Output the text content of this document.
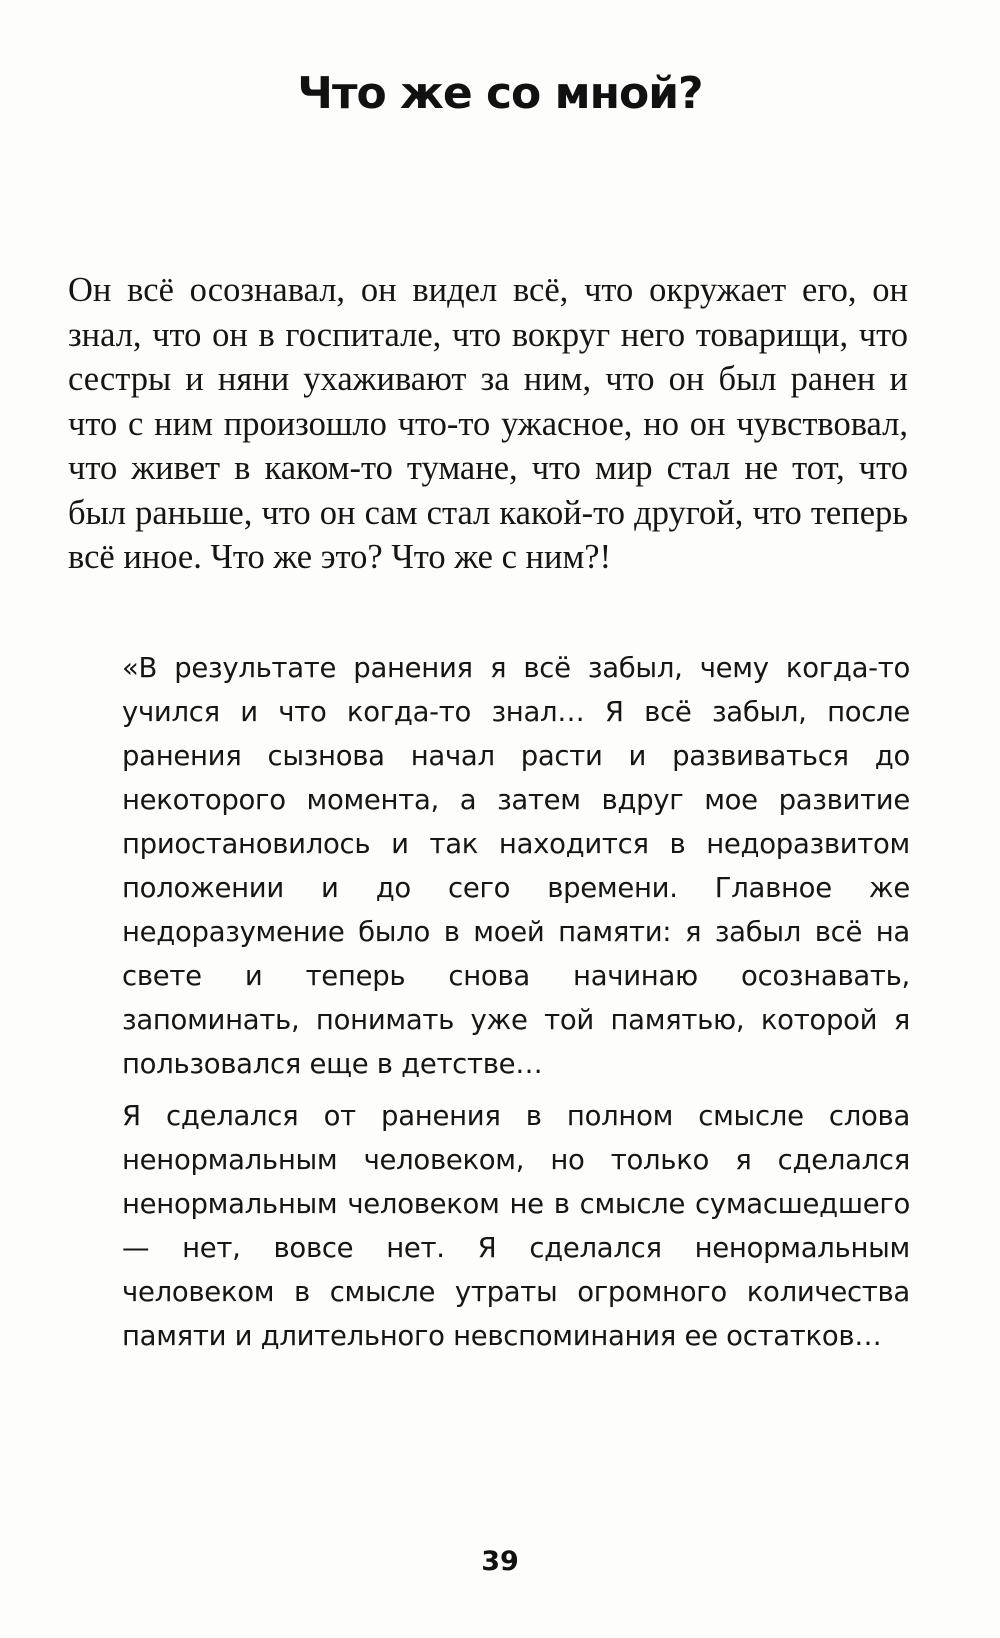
Что же со мной?

Он всё осознавал, он видел всё, что окружает его, он знал, что он в госпитале, что вокруг него товарищи, что сестры и няни ухаживают за ним, что он был ранен и что с ним произошло что-то ужасное, но он чувствовал, что живет в каком-то тумане, что мир стал не тот, что был раньше, что он сам стал какой-то другой, что теперь всё иное. Что же это? Что же с ним?!

«В результате ранения я всё забыл, чему когда-то учился и что когда-то знал… Я всё забыл, после ранения сызнова начал расти и развиваться до некоторого момента, а затем вдруг мое развитие приостановилось и так находится в недоразвитом положении и до сего времени. Главное же недоразумение было в моей памяти: я забыл всё на свете и теперь снова начинаю осознавать, запоминать, понимать уже той памятью, которой я пользовался еще в детстве…

Я сделался от ранения в полном смысле слова ненормальным человеком, но только я сделался ненормальным человеком не в смысле сумасшедшего — нет, вовсе нет. Я сделался ненормальным человеком в смысле утраты огромного количества памяти и длительного невспоминания ее остатков…

39
